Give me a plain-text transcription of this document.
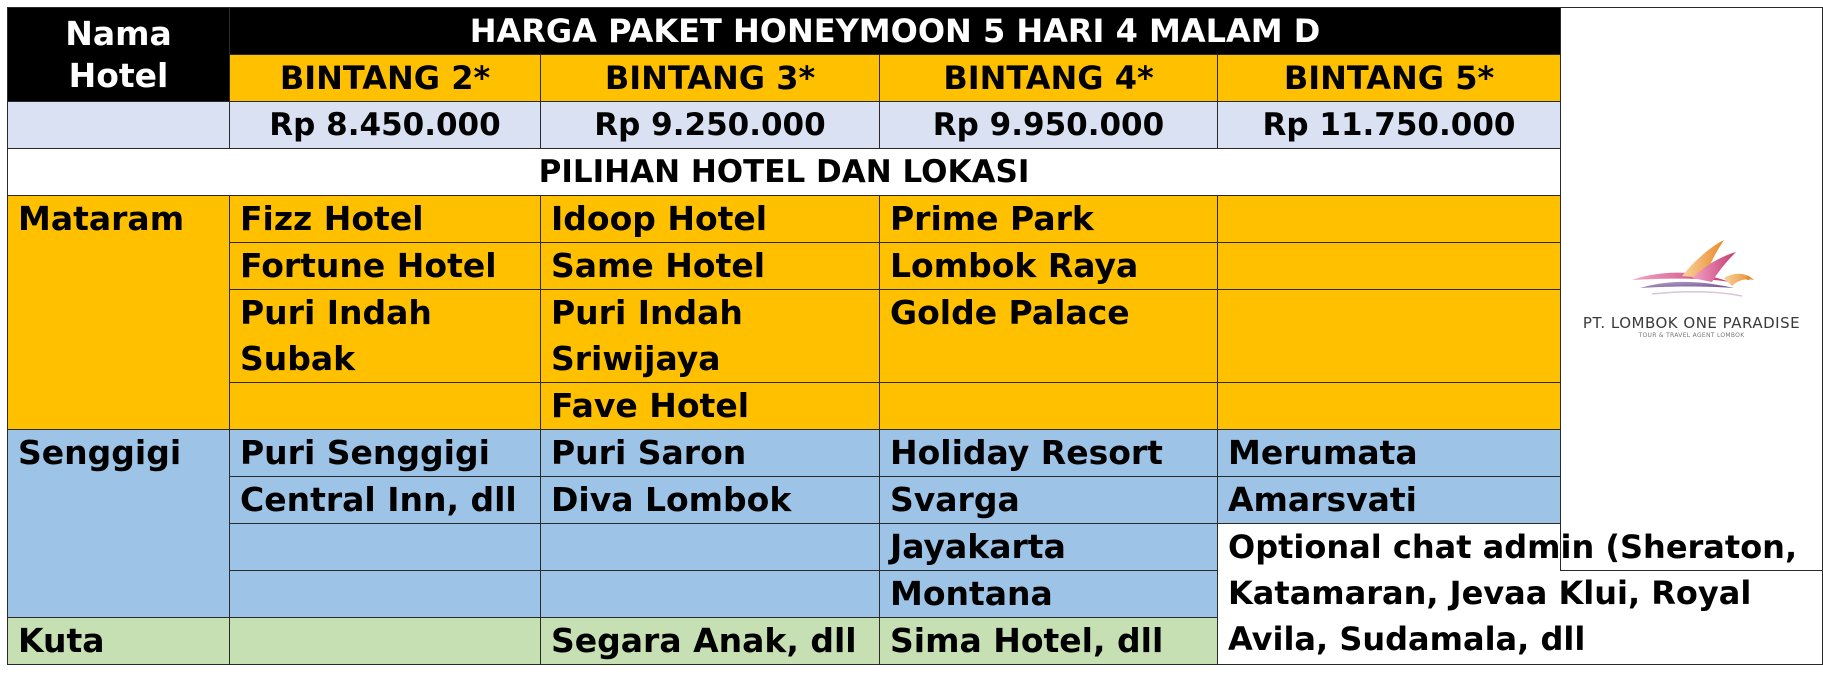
Nama Hotel	HARGA PAKET HONEYMOON 5 HARI 4 MALAM D				PT. LOMBOK ONE PARADISE
TOUR & TRAVEL AGENT LOMBOK

	BINTANG 2*	BINTANG 3*	BINTANG 4*	BINTANG 5*	
	Rp 8.450.000	Rp 9.250.000	Rp 9.950.000	Rp 11.750.000	
PILIHAN HOTEL DAN LOKASI					
Mataram	Fizz Hotel	Idoop Hotel	Prime Park		
	Fortune Hotel	Same Hotel	Lombok Raya		
	Puri Indah Subak	Puri Indah Sriwijaya	Golde Palace		
		Fave Hotel			
Senggigi	Puri Senggigi	Puri Saron	Holiday Resort	Merumata	
	Central Inn, dll	Diva Lombok	Svarga	Amarsvati	
			Jayakarta	Optional chat admin (Sheraton, Katamaran, Jevaa Klui, Royal Avila, Sudamala, dll	
			Montana		
Kuta		Segara Anak, dll	Sima Hotel, dll		
